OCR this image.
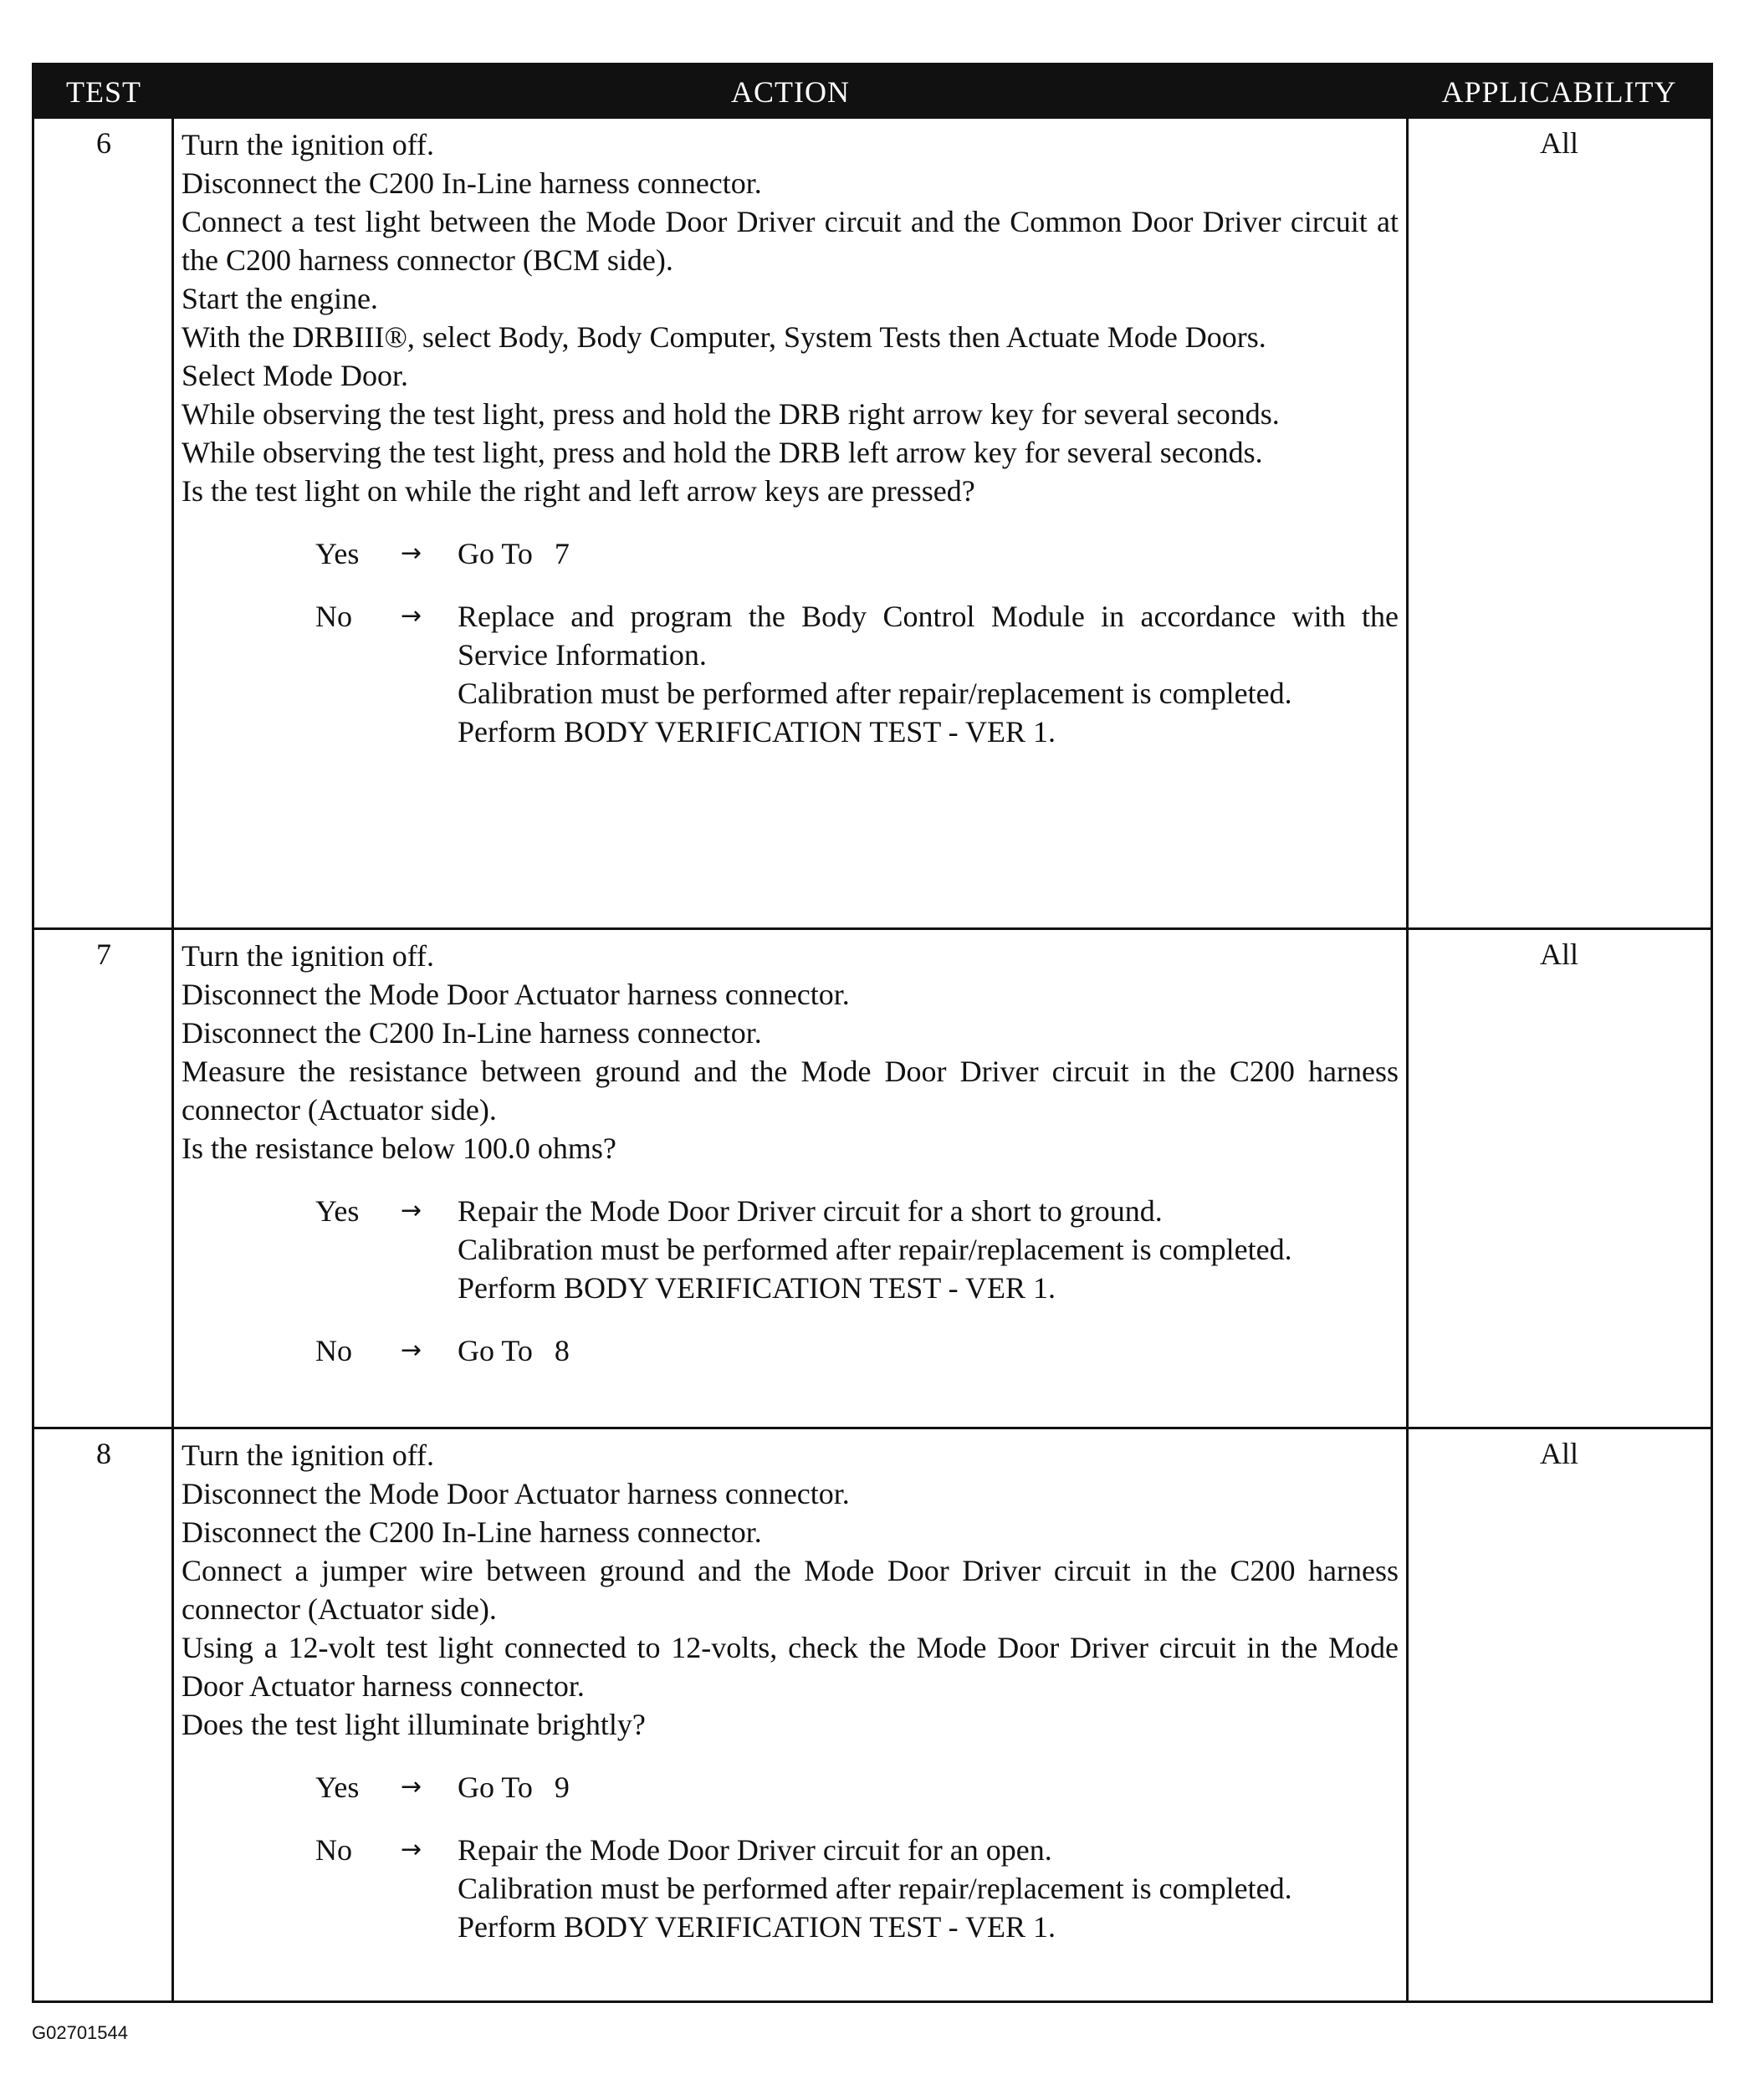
TEST	ACTION	APPLICABILITY
6	Turn the ignition off.
Disconnect the C200 In-Line harness connector.
Connect a test light between the Mode Door Driver circuit and the Common Door Driver circuit at the C200 harness connector (BCM side).
Start the engine.
With the DRBIII®, select Body, Body Computer, System Tests then Actuate Mode Doors.
Select Mode Door.
While observing the test light, press and hold the DRB right arrow key for several seconds.
While observing the test light, press and hold the DRB left arrow key for several seconds.
Is the test light on while the right and left arrow keys are pressed?
Yes → Go To 7
No → Replace and program the Body Control Module in accordance with the Service Information.
Calibration must be performed after repair/replacement is completed.
Perform BODY VERIFICATION TEST - VER 1.
All
7	Turn the ignition off.
Disconnect the Mode Door Actuator harness connector.
Disconnect the C200 In-Line harness connector.
Measure the resistance between ground and the Mode Door Driver circuit in the C200 harness connector (Actuator side).
Is the resistance below 100.0 ohms?
Yes → Repair the Mode Door Driver circuit for a short to ground.
Calibration must be performed after repair/replacement is completed.
Perform BODY VERIFICATION TEST - VER 1.
No → Go To 8
All
8	Turn the ignition off.
Disconnect the Mode Door Actuator harness connector.
Disconnect the C200 In-Line harness connector.
Connect a jumper wire between ground and the Mode Door Driver circuit in the C200 harness connector (Actuator side).
Using a 12-volt test light connected to 12-volts, check the Mode Door Driver circuit in the Mode Door Actuator harness connector.
Does the test light illuminate brightly?
Yes → Go To 9
No → Repair the Mode Door Driver circuit for an open.
Calibration must be performed after repair/replacement is completed.
Perform BODY VERIFICATION TEST - VER 1.
All
G02701544
